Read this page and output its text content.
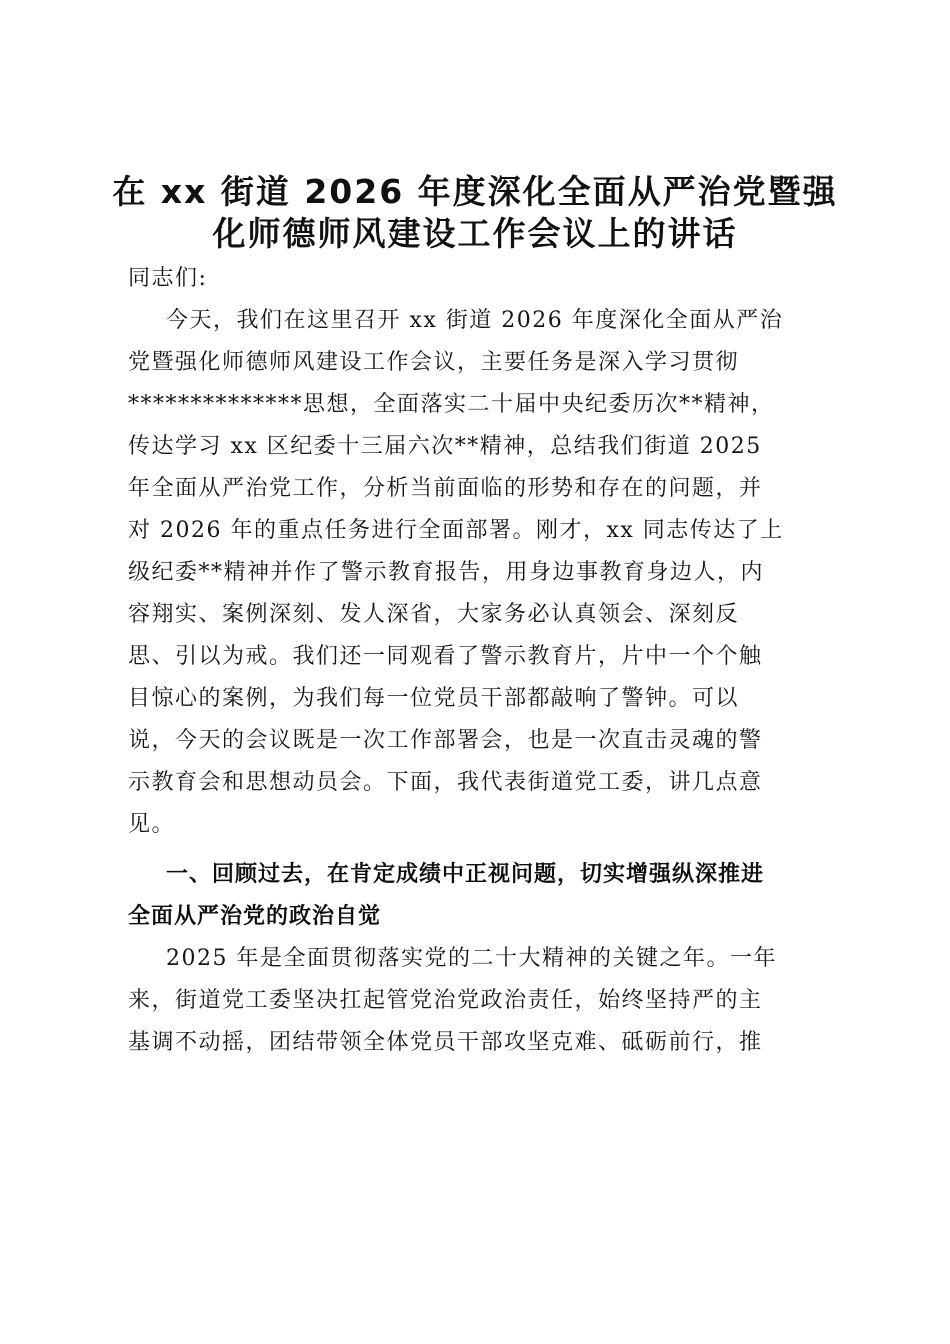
在 xx 街道 2026 年度深化全面从严治党暨强
化师德师风建设工作会议上的讲话
同志们:
今天，我们在这里召开 xx 街道 2026 年度深化全面从严治
党暨强化师德师风建设工作会议，主要任务是深入学习贯彻
**************思想，全面落实二十届中央纪委历次**精神，
传达学习 xx 区纪委十三届六次**精神，总结我们街道 2025
年全面从严治党工作，分析当前面临的形势和存在的问题，并
对 2026 年的重点任务进行全面部署。刚才，xx 同志传达了上
级纪委**精神并作了警示教育报告，用身边事教育身边人，内
容翔实、案例深刻、发人深省，大家务必认真领会、深刻反
思、引以为戒。我们还一同观看了警示教育片，片中一个个触
目惊心的案例，为我们每一位党员干部都敲响了警钟。可以
说，今天的会议既是一次工作部署会，也是一次直击灵魂的警
示教育会和思想动员会。下面，我代表街道党工委，讲几点意
见。
一、回顾过去，在肯定成绩中正视问题，切实增强纵深推进
全面从严治党的政治自觉
2025 年是全面贯彻落实党的二十大精神的关键之年。一年
来，街道党工委坚决扛起管党治党政治责任，始终坚持严的主
基调不动摇，团结带领全体党员干部攻坚克难、砥砺前行，推
